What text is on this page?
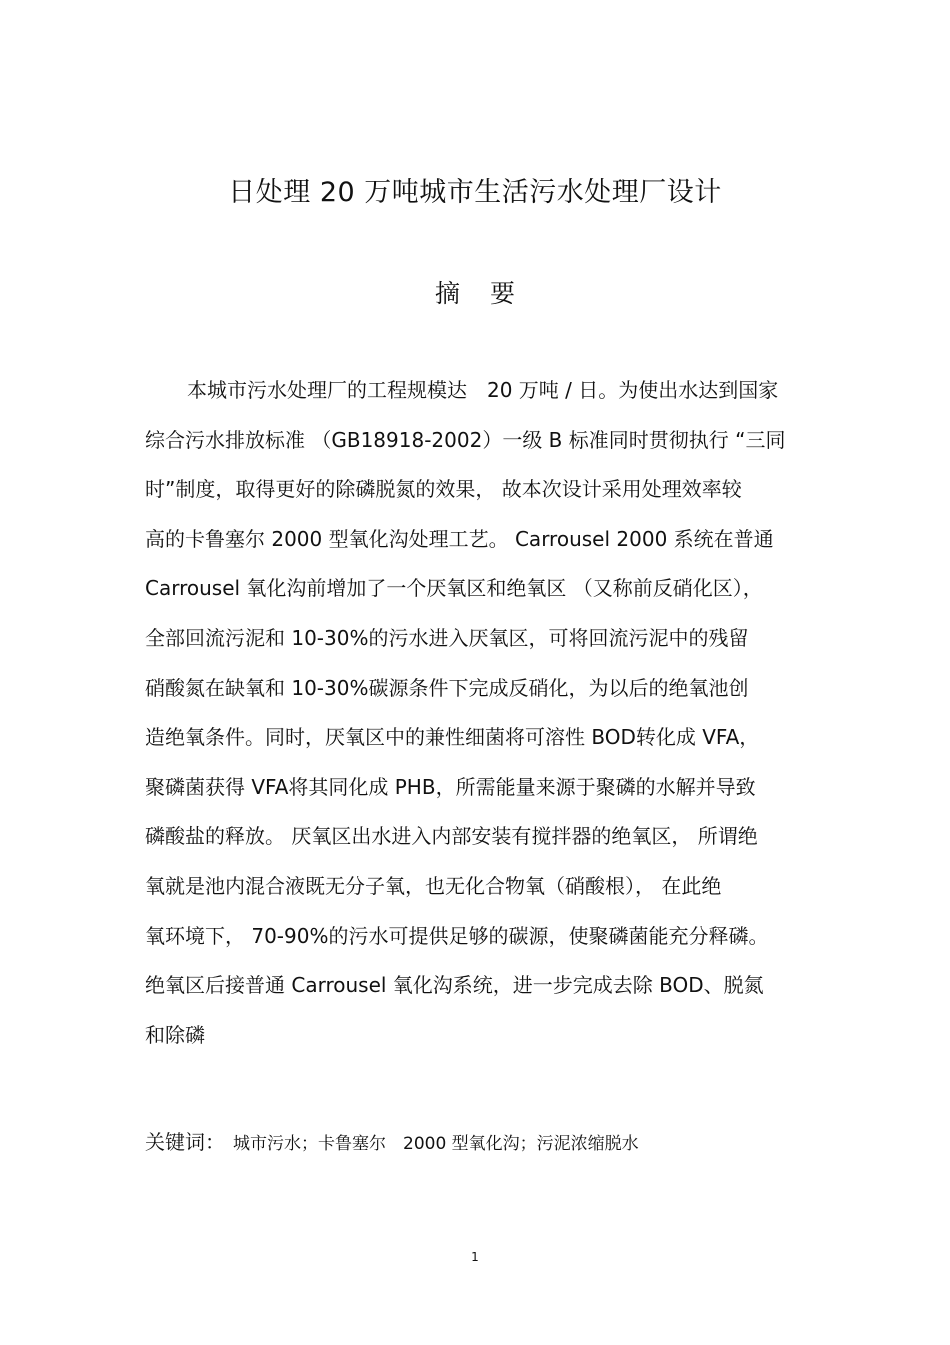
日处理 20 万吨城市生活污水处理厂设计
摘要

本城市污水处理厂的工程规模达　20 万吨 / 日。为使出水达到国家

综合污水排放标准 （GB18918-2002）一级 B 标准同时贯彻执行 “三同

时”制度，取得更好的除磷脱氮的效果， 故本次设计采用处理效率较

高的卡鲁塞尔 2000 型氧化沟处理工艺。 Carrousel 2000 系统在普通

Carrousel 氧化沟前增加了一个厌氧区和绝氧区 （又称前反硝化区），

全部回流污泥和 10-30%的污水进入厌氧区，可将回流污泥中的残留

硝酸氮在缺氧和 10-30%碳源条件下完成反硝化，为以后的绝氧池创

造绝氧条件。同时，厌氧区中的兼性细菌将可溶性 BOD转化成 VFA，

聚磷菌获得 VFA将其同化成 PHB，所需能量来源于聚磷的水解并导致

磷酸盐的释放。 厌氧区出水进入内部安装有搅拌器的绝氧区， 所谓绝

氧就是池内混合液既无分子氧，也无化合物氧（硝酸根）， 在此绝

氧环境下， 70-90%的污水可提供足够的碳源，使聚磷菌能充分释磷。

绝氧区后接普通 Carrousel 氧化沟系统，进一步完成去除 BOD、脱氮

和除磷

关键词： 城市污水；卡鲁塞尔　2000 型氧化沟；污泥浓缩脱水
1
